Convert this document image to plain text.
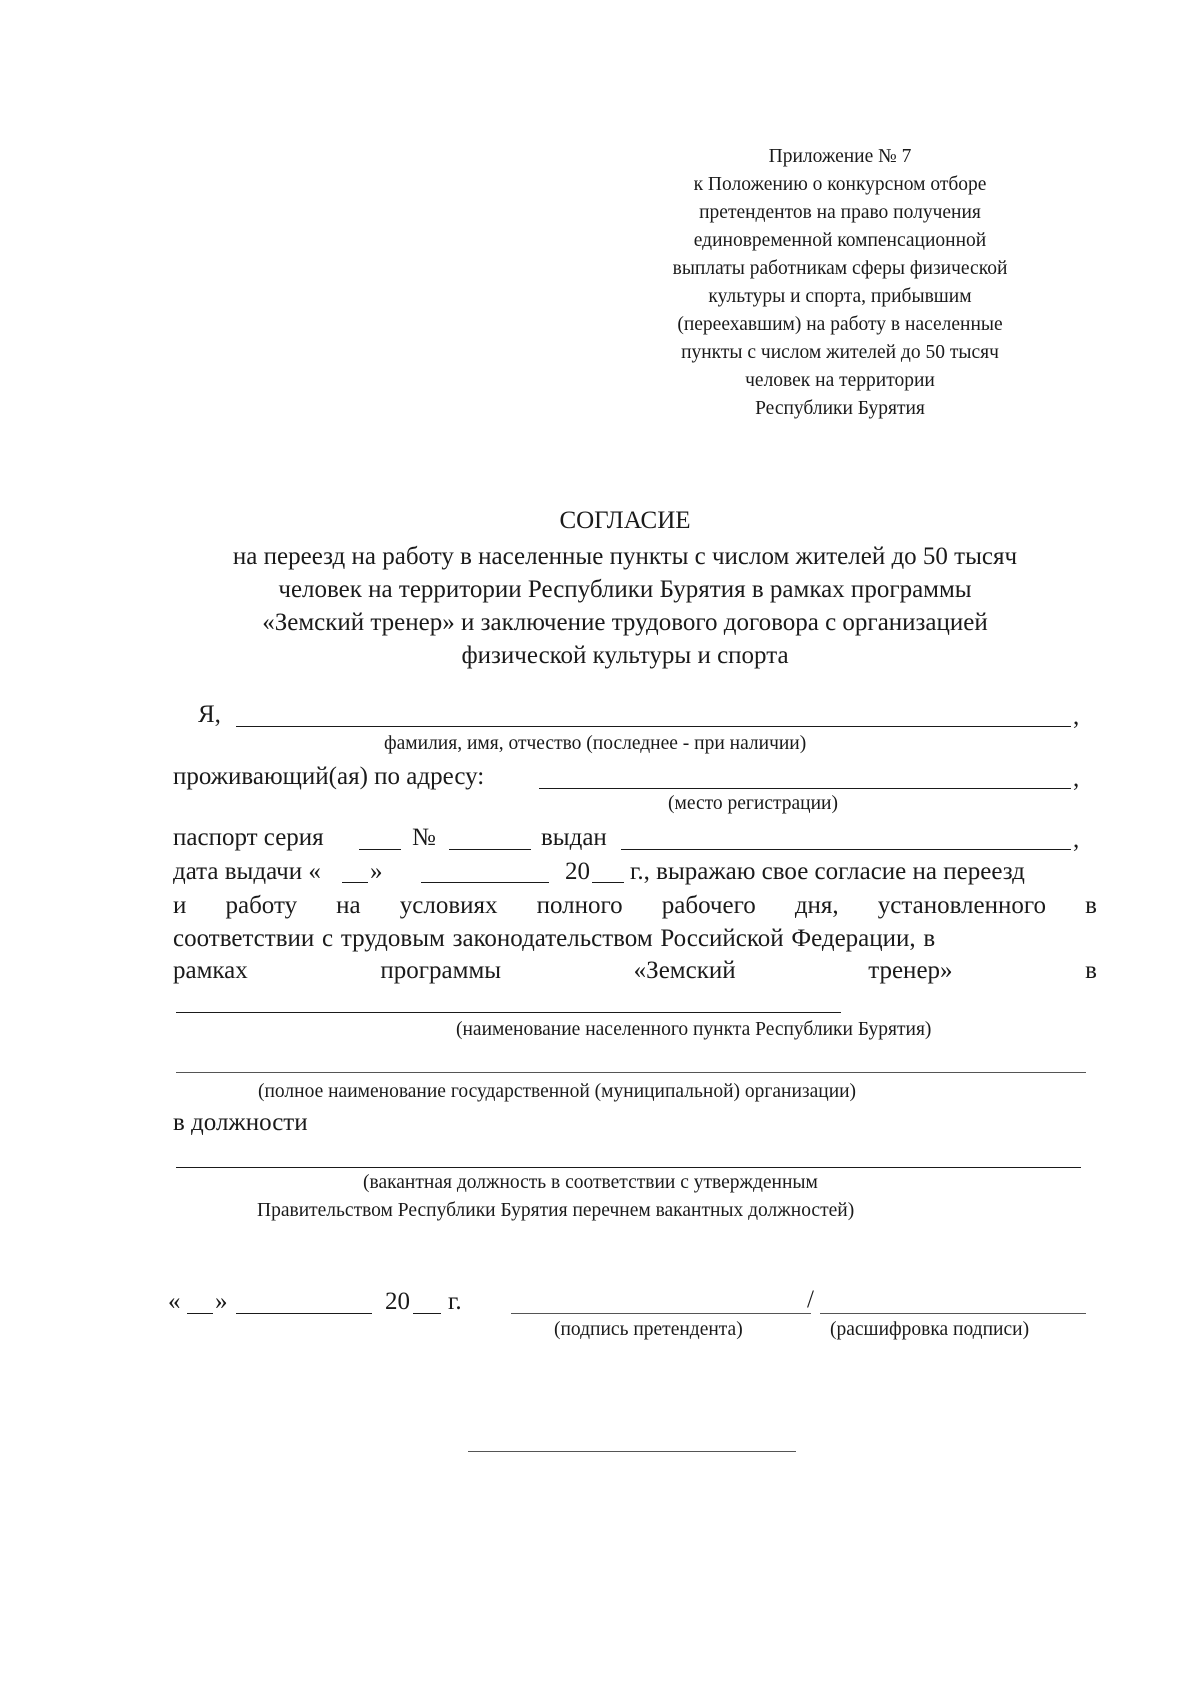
Приложение № 7
к Положению о конкурсном отборе
претендентов на право получения
единовременной компенсационной
выплаты работникам сферы физической
культуры и спорта, прибывшим
(переехавшим) на работу в населенные
пункты с числом жителей до 50 тысяч
человек на территории
Республики Бурятия
СОГЛАСИЕ
на переезд на работу в населенные пункты с числом жителей до 50 тысяч
человек на территории Республики Бурятия в рамках программы
«Земский тренер» и заключение трудового договора с организацией
физической культуры и спорта
Я,	,
фамилия, имя, отчество (последнее - при наличии)
проживающий(ая) по адресу:	,
(место регистрации)
паспорт серия	№	выдан	,
дата выдачи « »	20 г., выражаю свое согласие на переезд
и работу на условиях полного рабочего дня, установленного в
соответствии с трудовым законодательством Российской Федерации, в
рамках	программы	«Земский	тренер»	в
(наименование населенного пункта Республики Бурятия)
(полное наименование государственной (муниципальной) организации)
в должности
(вакантная должность в соответствии с утвержденным
Правительством Республики Бурятия перечнем вакантных должностей)
« »	20 г.	/
(подпись претендента)	(расшифровка подписи)
